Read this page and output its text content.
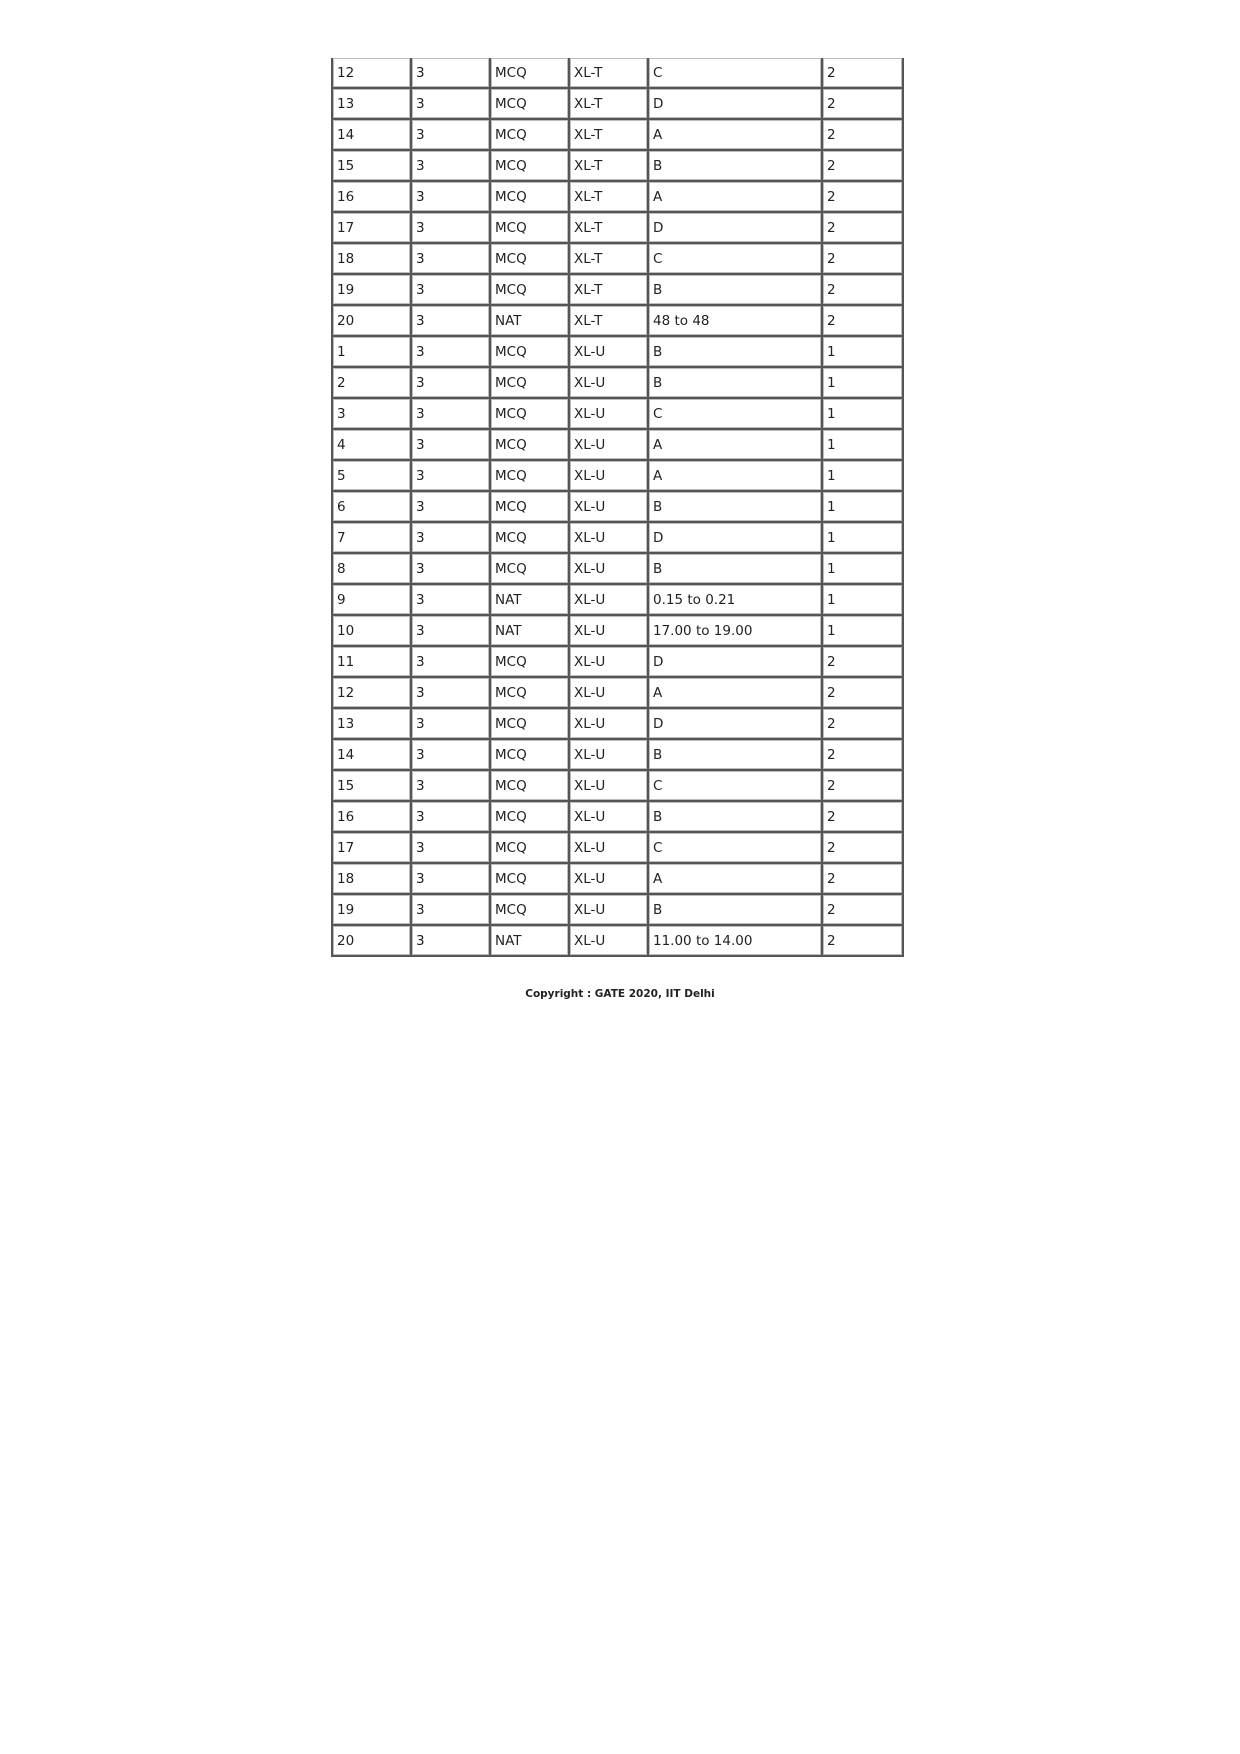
12	3	MCQ	XL-T	C	2
13	3	MCQ	XL-T	D	2
14	3	MCQ	XL-T	A	2
15	3	MCQ	XL-T	B	2
16	3	MCQ	XL-T	A	2
17	3	MCQ	XL-T	D	2
18	3	MCQ	XL-T	C	2
19	3	MCQ	XL-T	B	2
20	3	NAT	XL-T	48 to 48	2
1	3	MCQ	XL-U	B	1
2	3	MCQ	XL-U	B	1
3	3	MCQ	XL-U	C	1
4	3	MCQ	XL-U	A	1
5	3	MCQ	XL-U	A	1
6	3	MCQ	XL-U	B	1
7	3	MCQ	XL-U	D	1
8	3	MCQ	XL-U	B	1
9	3	NAT	XL-U	0.15 to 0.21	1
10	3	NAT	XL-U	17.00 to 19.00	1
11	3	MCQ	XL-U	D	2
12	3	MCQ	XL-U	A	2
13	3	MCQ	XL-U	D	2
14	3	MCQ	XL-U	B	2
15	3	MCQ	XL-U	C	2
16	3	MCQ	XL-U	B	2
17	3	MCQ	XL-U	C	2
18	3	MCQ	XL-U	A	2
19	3	MCQ	XL-U	B	2
20	3	NAT	XL-U	11.00 to 14.00	2
Copyright : GATE 2020, IIT Delhi
